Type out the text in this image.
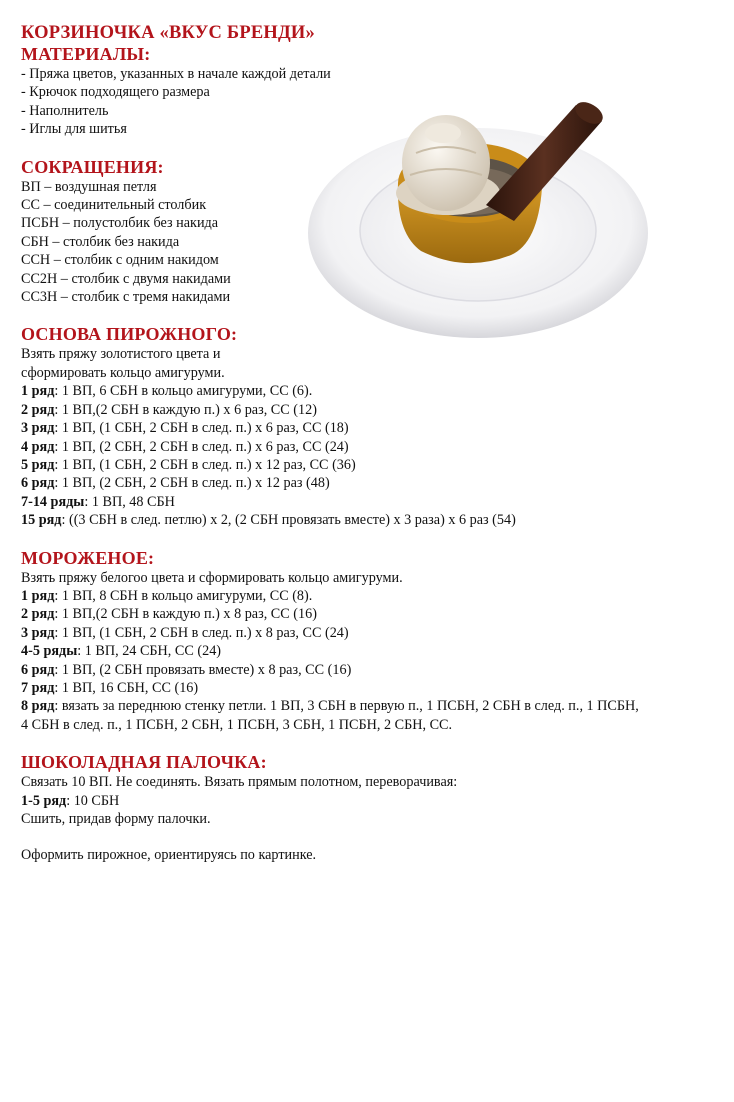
КОРЗИНОЧКА «ВКУС БРЕНДИ»

МАТЕРИАЛЫ:

- Пряжа цветов, указанных в начале каждой детали

- Крючок подходящего размера

- Наполнитель

- Иглы для шитья

СОКРАЩЕНИЯ:

ВП – воздушная петля

СС – соединительный столбик

ПСБН – полустолбик без накида

СБН – столбик без накида

ССН – столбик с одним накидом

СС2Н – столбик с двумя накидами

СС3Н – столбик с тремя накидами

ОСНОВА ПИРОЖНОГО:

Взять пряжу золотистого цвета и

сформировать кольцо амигуруми.

1 ряд: 1 ВП, 6 СБН в кольцо амигуруми, СС (6).

2 ряд: 1 ВП,(2 СБН в каждую п.) х 6 раз, СС (12)

3 ряд: 1 ВП, (1 СБН, 2 СБН в след. п.) х 6 раз, СС (18)

4 ряд: 1 ВП, (2 СБН, 2 СБН в след. п.) х 6 раз, СС (24)

5 ряд: 1 ВП, (1 СБН, 2 СБН в след. п.) х 12 раз, СС (36)

6 ряд: 1 ВП, (2 СБН, 2 СБН в след. п.) х 12 раз (48)

7-14 ряды: 1 ВП, 48 СБН

15 ряд: ((3 СБН в след. петлю) х 2, (2 СБН провязать вместе) х 3 раза) х 6 раз (54)

МОРОЖЕНОЕ:

Взять пряжу белогоо цвета и сформировать кольцо амигуруми.

1 ряд: 1 ВП, 8 СБН в кольцо амигуруми, СС (8).

2 ряд: 1 ВП,(2 СБН в каждую п.) х 8 раз, СС (16)

3 ряд: 1 ВП, (1 СБН, 2 СБН в след. п.) х 8 раз, СС (24)

4-5 ряды: 1 ВП, 24 СБН, СС (24)

6 ряд: 1 ВП, (2 СБН провязать вместе) х 8 раз, СС (16)

7 ряд: 1 ВП, 16 СБН, СС (16)

8 ряд: вязать за переднюю стенку петли. 1 ВП, 3 СБН в первую п., 1 ПСБН, 2 СБН в след. п., 1 ПСБН, 4 СБН в след. п., 1 ПСБН, 2 СБН, 1 ПСБН, 3 СБН, 1 ПСБН, 2 СБН, СС.

ШОКОЛАДНАЯ ПАЛОЧКА:

Связать 10 ВП. Не соединять. Вязать прямым полотном, переворачивая:

1-5 ряд: 10 СБН

Сшить, придав форму палочки.

Оформить пирожное, ориентируясь по картинке.
